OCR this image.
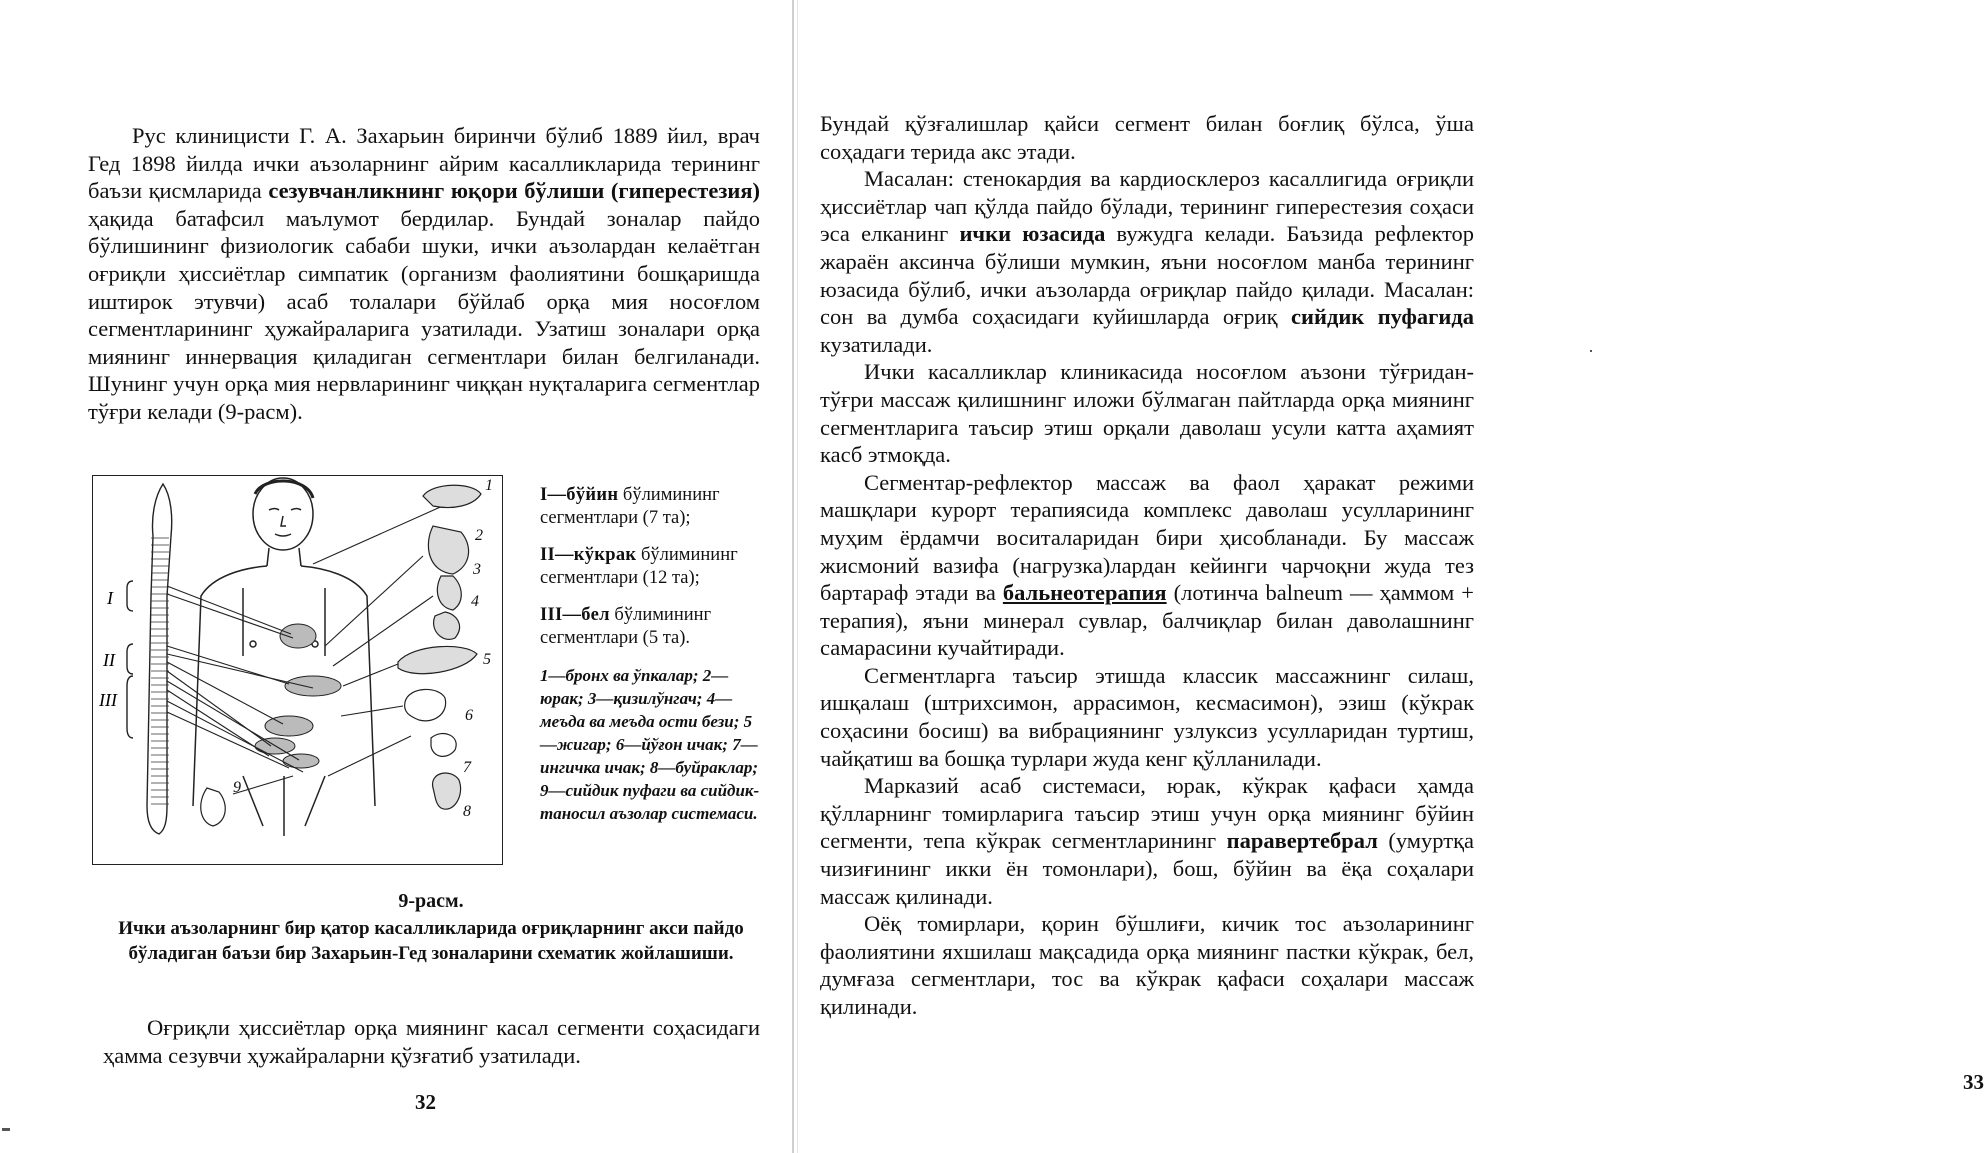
Рус клиницисти Г. А. Захарьин биринчи бўлиб 1889 йил, врач Гед 1898 йилда ички аъзоларнинг айрим касалликларида терининг баъзи қисмларида сезувчанликнинг юқори бўлиши (гиперестезия) ҳақида батафсил маълумот бердилар. Бундай зоналар пайдо бўлишининг физиологик сабаби шуки, ички аъзолардан келаётган оғриқли ҳиссиётлар симпатик (организм фаолиятини бошқаришда иштирок этувчи) асаб толалари бўйлаб орқа мия носоғлом сегментларининг ҳужайраларига узатилади. Узатиш зоналари орқа миянинг иннервация қиладиган сегментлари билан белгиланади. Шунинг учун орқа мия нервларининг чиққан нуқталарига сегментлар тўғри келади (9-расм).

I
II
III
1
2
3
4
5
6
7
8
9

I—бўйин бўлимининг сегментлари (7 та);

II—кўкрак бўлимининг сегментлари (12 та);

III—бел бўлимининг сегментлари (5 та).

1—бронх ва ўпкалар; 2—юрак; 3—қизилўнгач; 4—меъда ва меъда ости бези; 5—жигар; 6—йўғон ичак; 7—ингичка ичак; 8—буйраклар; 9—сийдик пуфаги ва сийдик-таносил аъзолар системаси.

9-расм.
Ички аъзоларнинг бир қатор касалликларида оғриқларнинг акси пайдо бўладиган баъзи бир Захарьин-Гед зоналарини схематик жойлашиши.

Оғриқли ҳиссиётлар орқа миянинг касал сегменти соҳасидаги ҳамма сезувчи ҳужайраларни қўзғатиб узатилади.

32

Бундай қўзғалишлар қайси сегмент билан боғлиқ бўлса, ўша соҳадаги терида акс этади.

Масалан: стенокардия ва кардиосклероз касаллигида оғриқли ҳиссиётлар чап қўлда пайдо бўлади, терининг гиперестезия соҳаси эса елканинг ички юзасида вужудга келади. Баъзида рефлектор жараён аксинча бўлиши мумкин, яъни носоғлом манба терининг юзасида бўлиб, ички аъзоларда оғриқлар пайдо қилади. Масалан: сон ва думба соҳасидаги куйишларда оғриқ сийдик пуфагида кузатилади.

Ички касалликлар клиникасида носоғлом аъзони тўғридан-тўғри массаж қилишнинг иложи бўлмаган пайтларда орқа миянинг сегментларига таъсир этиш орқали даволаш усули катта аҳамият касб этмоқда.

Сегментар-рефлектор массаж ва фаол ҳаракат режими машқлари курорт терапиясида комплекс даволаш усулларининг муҳим ёрдамчи воситаларидан бири ҳисобланади. Бу массаж жисмоний вазифа (нагрузка)лардан кейинги чарчоқни жуда тез бартараф этади ва бальнеотерапия (лотинча balneum — ҳаммом + терапия), яъни минерал сувлар, балчиқлар билан даволашнинг самарасини кучайтиради.

Сегментларга таъсир этишда классик массажнинг силаш, ишқалаш (штрихсимон, аррасимон, кесмасимон), эзиш (кўкрак соҳасини босиш) ва вибрациянинг узлуксиз усулларидан туртиш, чайқатиш ва бошқа турлари жуда кенг қўлланилади.

Марказий асаб системаси, юрак, кўкрак қафаси ҳамда қўлларнинг томирларига таъсир этиш учун орқа миянинг бўйин сегменти, тепа кўкрак сегментларининг паравертебрал (умуртқа чизиғининг икки ён томонлари), бош, бўйин ва ёқа соҳалари массаж қилинади.

Оёқ томирлари, қорин бўшлиғи, кичик тос аъзоларининг фаолиятини яхшилаш мақсадида орқа миянинг пастки кўкрак, бел, думғаза сегментлари, тос ва кўкрак қафаси соҳалари массаж қилинади.

33
